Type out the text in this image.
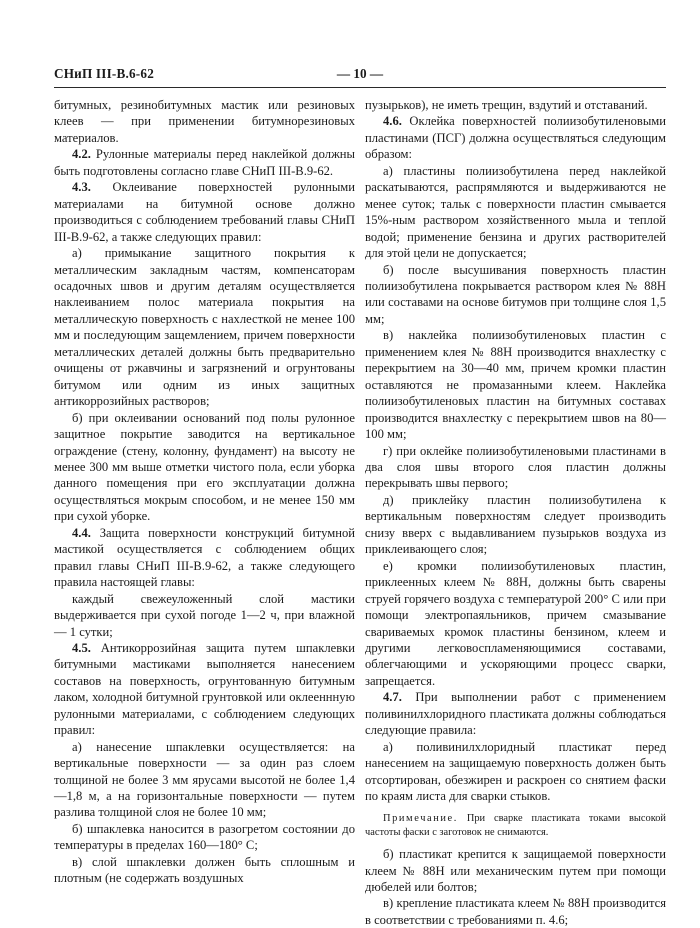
СНиП III-В.6-62	— 10 —

битумных, резинобитумных мастик или резиновых клеев — при применении битумнорезиновых материалов.

4.2. Рулонные материалы перед наклейкой должны быть подготовлены согласно главе СНиП III-В.9-62.

4.3. Оклеивание поверхностей рулонными материалами на битумной основе должно производиться с соблюдением требований главы СНиП III-В.9-62, а также следующих правил:

а) примыкание защитного покрытия к металлическим закладным частям, компенсаторам осадочных швов и другим деталям осуществляется наклеиванием полос материала покрытия на металлическую поверхность с нахлесткой не менее 100 мм и последующим защемлением, причем поверхности металлических деталей должны быть предварительно очищены от ржавчины и загрязнений и огрунтованы битумом или одним из иных защитных антикоррозийных растворов;

б) при оклеивании оснований под полы рулонное защитное покрытие заводится на вертикальное ограждение (стену, колонну, фундамент) на высоту не менее 300 мм выше отметки чистого пола, если уборка данного помещения при его эксплуатации должна осуществляться мокрым способом, и не менее 150 мм при сухой уборке.

4.4. Защита поверхности конструкций битумной мастикой осуществляется с соблюдением общих правил главы СНиП III-В.9-62, а также следующего правила настоящей главы:

каждый свежеуложенный слой мастики выдерживается при сухой погоде 1—2 ч, при влажной — 1 сутки;

4.5. Антикоррозийная защита путем шпаклевки битумными мастиками выполняется нанесением составов на поверхность, огрунтованную битумным лаком, холодной битумной грунтовкой или оклееннную рулонными материалами, с соблюдением следующих правил:

а) нанесение шпаклевки осуществляется: на вертикальные поверхности — за один раз слоем толщиной не более 3 мм ярусами высотой не более 1,4—1,8 м, а на горизонтальные поверхности — путем разлива толщиной слоя не более 10 мм;

б) шпаклевка наносится в разогретом состоянии до температуры в пределах 160—180° С;

в) слой шпаклевки должен быть сплошным и плотным (не содержать воздушных

пузырьков), не иметь трещин, вздутий и отставаний.

4.6. Оклейка поверхностей полиизобутиленовыми пластинами (ПСГ) должна осуществляться следующим образом:

а) пластины полиизобутилена перед наклейкой раскатываются, распрямляются и выдерживаются не менее суток; тальк с поверхности пластин смывается 15%-ным раствором хозяйственного мыла и теплой водой; применение бензина и других растворителей для этой цели не допускается;

б) после высушивания поверхность пластин полиизобутилена покрывается раствором клея № 88Н или составами на основе битумов при толщине слоя 1,5 мм;

в) наклейка полиизобутиленовых пластин с применением клея № 88Н производится внахлестку с перекрытием на 30—40 мм, причем кромки пластин оставляются не промазанными клеем. Наклейка полиизобутиленовых пластин на битумных составах производится внахлестку с перекрытием швов на 80—100 мм;

г) при оклейке полиизобутиленовыми пластинами в два слоя швы второго слоя пластин должны перекрывать швы первого;

д) приклейку пластин полиизобутилена к вертикальным поверхностям следует производить снизу вверх с выдавливанием пузырьков воздуха из приклеивающего слоя;

е) кромки полиизобутиленовых пластин, приклеенных клеем № 88Н, должны быть сварены струей горячего воздуха с температурой 200° С или при помощи электропаяльников, причем смазывание свариваемых кромок пластины бензином, клеем и другими легковоспламеняющимися составами, облегчающими и ускоряющими процесс сварки, запрещается.

4.7. При выполнении работ с применением поливинилхлоридного пластиката должны соблюдаться следующие правила:

а) поливинилхлоридный пластикат перед нанесением на защищаемую поверхность должен быть отсортирован, обезжирен и раскроен со снятием фаски по краям листа для сварки стыков.

Примечание. При сварке пластиката токами высокой частоты фаски с заготовок не снимаются.

б) пластикат крепится к защищаемой поверхности клеем № 88Н или механическим путем при помощи дюбелей или болтов;

в) крепление пластиката клеем № 88Н производится в соответствии с требованиями п. 4.6;
